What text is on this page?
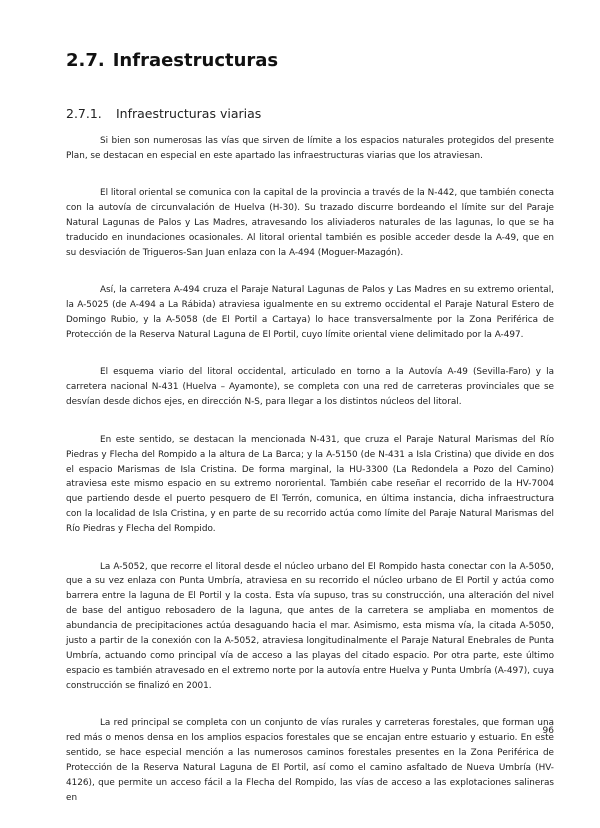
2.7. Infraestructuras
2.7.1. Infraestructuras viarias

Si bien son numerosas las vías que sirven de límite a los espacios naturales protegidos del presente Plan, se destacan en especial en este apartado las infraestructuras viarias que los atraviesan.

El litoral oriental se comunica con la capital de la provincia a través de la N-442, que también conecta con la autovía de circunvalación de Huelva (H-30). Su trazado discurre bordeando el límite sur del Paraje Natural Lagunas de Palos y Las Madres, atravesando los aliviaderos naturales de las lagunas, lo que se ha traducido en inundaciones ocasionales. Al litoral oriental también es posible acceder desde la A-49, que en su desviación de Trigueros-San Juan enlaza con la A-494 (Moguer-Mazagón).

Así, la carretera A-494 cruza el Paraje Natural Lagunas de Palos y Las Madres en su extremo oriental, la A-5025 (de A-494 a La Rábida) atraviesa igualmente en su extremo occidental el Paraje Natural Estero de Domingo Rubio, y la A-5058 (de El Portil a Cartaya) lo hace transversalmente por la Zona Periférica de Protección de la Reserva Natural Laguna de El Portil, cuyo límite oriental viene delimitado por la A-497.

El esquema viario del litoral occidental, articulado en torno a la Autovía A-49 (Sevilla-Faro) y la carretera nacional N-431 (Huelva – Ayamonte), se completa con una red de carreteras provinciales que se desvían desde dichos ejes, en dirección N-S, para llegar a los distintos núcleos del litoral.

En este sentido, se destacan la mencionada N-431, que cruza el Paraje Natural Marismas del Río Piedras y Flecha del Rompido a la altura de La Barca; y la A-5150 (de N-431 a Isla Cristina) que divide en dos el espacio Marismas de Isla Cristina. De forma marginal, la HU-3300 (La Redondela a Pozo del Camino) atraviesa este mismo espacio en su extremo nororiental. También cabe reseñar el recorrido de la HV-7004 que partiendo desde el puerto pesquero de El Terrón, comunica, en última instancia, dicha infraestructura con la localidad de Isla Cristina, y en parte de su recorrido actúa como límite del Paraje Natural Marismas del Río Piedras y Flecha del Rompido.

La A-5052, que recorre el litoral desde el núcleo urbano del El Rompido hasta conectar con la A-5050, que a su vez enlaza con Punta Umbría, atraviesa en su recorrido el núcleo urbano de El Portil y actúa como barrera entre la laguna de El Portil y la costa. Esta vía supuso, tras su construcción, una alteración del nivel de base del antiguo rebosadero de la laguna, que antes de la carretera se ampliaba en momentos de abundancia de precipitaciones actúa desaguando hacia el mar. Asimismo, esta misma vía, la citada A-5050, justo a partir de la conexión con la A-5052, atraviesa longitudinalmente el Paraje Natural Enebrales de Punta Umbría, actuando como principal vía de acceso a las playas del citado espacio. Por otra parte, este último espacio es también atravesado en el extremo norte por la autovía entre Huelva y Punta Umbría (A-497), cuya construcción se finalizó en 2001.

La red principal se completa con un conjunto de vías rurales y carreteras forestales, que forman una red más o menos densa en los amplios espacios forestales que se encajan entre estuario y estuario. En este sentido, se hace especial mención a las numerosos caminos forestales presentes en la Zona Periférica de Protección de la Reserva Natural Laguna de El Portil, así como el camino asfaltado de Nueva Umbría (HV-4126), que permite un acceso fácil a la Flecha del Rompido, las vías de acceso a las explotaciones salineras en

96
